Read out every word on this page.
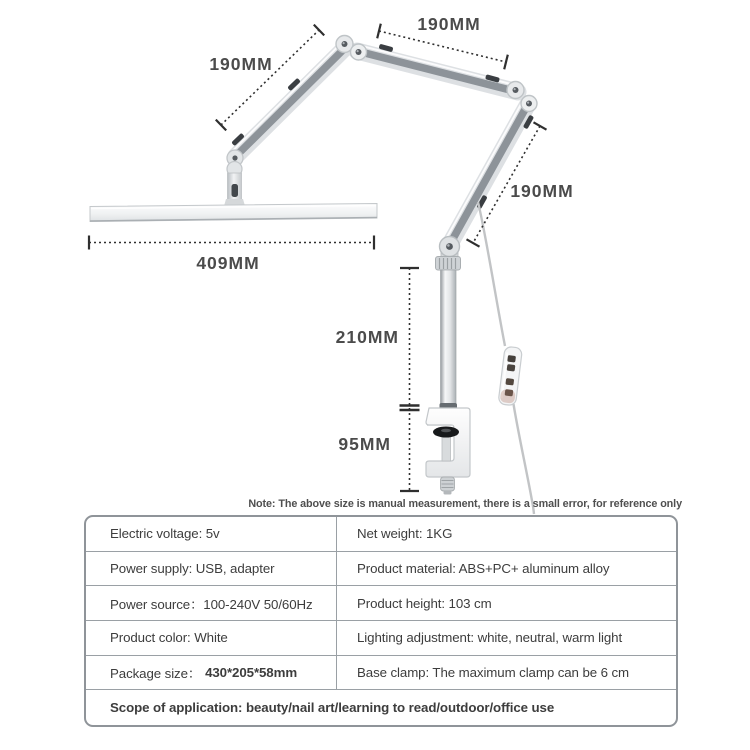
190MM
190MM
190MM
409MM
210MM
95MM
Note: The above size is manual measurement, there is a small error, for reference only
Electric voltage: 5v	Net weight: 1KG
Power supply: USB, adapter	Product material: ABS+PC+ aluminum alloy
Power source：100-240V 50/60Hz	Product height: 103 cm
Product color: White	Lighting adjustment: white, neutral, warm light
Package size： 430*205*58mm	Base clamp: The maximum clamp can be 6 cm
Scope of application: beauty/nail art/learning to read/outdoor/office use
